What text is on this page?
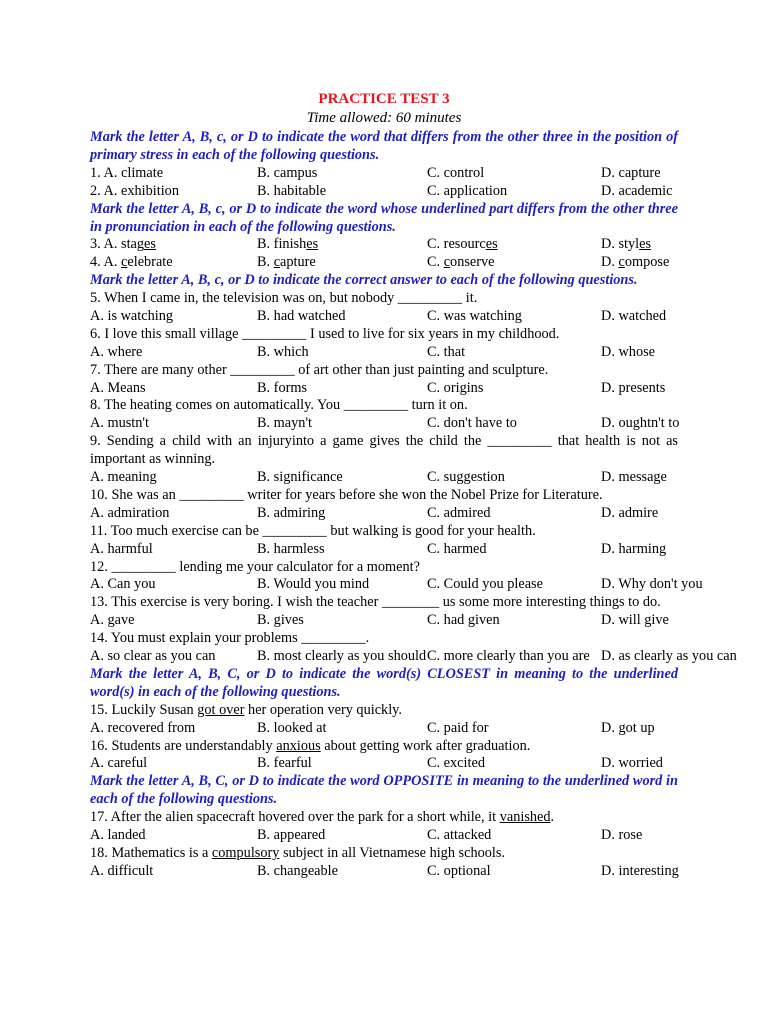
PRACTICE TEST 3
Time allowed: 60 minutes
Mark the letter A, B, c, or D to indicate the word that differs from the other three in the position of primary stress in each of the following questions.
1. A. climate	B. campus	C. control	D. capture
2. A. exhibition	B. habitable	C. application	D. academic
Mark the letter A, B, c, or D to indicate the word whose underlined part differs from the other three in pronunciation in each of the following questions.
3. A. stages	B. finishes	C. resources	D. styles
4. A. celebrate	B. capture	C. conserve	D. compose
Mark the letter A, B, c, or D to indicate the correct answer to each of the following questions.
5. When I came in, the television was on, but nobody _________ it.
A. is watching	B. had watched	C. was watching	D. watched
6. I love this small village _________ I used to live for six years in my childhood.
A. where	B. which	C. that	D. whose
7. There are many other _________ of art other than just painting and sculpture.
A. Means	B. forms	C. origins	D. presents
8. The heating comes on automatically. You _________ turn it on.
A. mustn't	B. mayn't	C. don't have to	D. oughtn't to
9. Sending a child with an injuryinto a game gives the child the _________ that health is not as important as winning.
A. meaning	B. significance	C. suggestion	D. message
10. She was an _________ writer for years before she won the Nobel Prize for Literature.
A. admiration	B. admiring	C. admired	D. admire
11. Too much exercise can be _________ but walking is good for your health.
A. harmful	B. harmless	C. harmed	D. harming
12. _________ lending me your calculator for a moment?
A. Can you	B. Would you mind	C. Could you please	D. Why don't you
13. This exercise is very boring. I wish the teacher ________ us some more interesting things to do.
A. gave	B. gives	C. had given	D. will give
14. You must explain your problems _________.
A. so clear as you can	B. most clearly as you should C. more clearly than you are D. as clearly as you can
Mark the letter A, B, C, or D to indicate the word(s) CLOSEST in meaning to the underlined word(s) in each of the following questions.
15. Luckily Susan got over her operation very quickly.
A. recovered from	B. looked at	C. paid for	D. got up
16. Students are understandably anxious about getting work after graduation.
A. careful	B. fearful	C. excited	D. worried
Mark the letter A, B, C, or D to indicate the word OPPOSITE in meaning to the underlined word in each of the following questions.
17. After the alien spacecraft hovered over the park for a short while, it vanished.
A. landed	B. appeared	C. attacked	D. rose
18. Mathematics is a compulsory subject in all Vietnamese high schools.
A. difficult	B. changeable	C. optional	D. interesting
